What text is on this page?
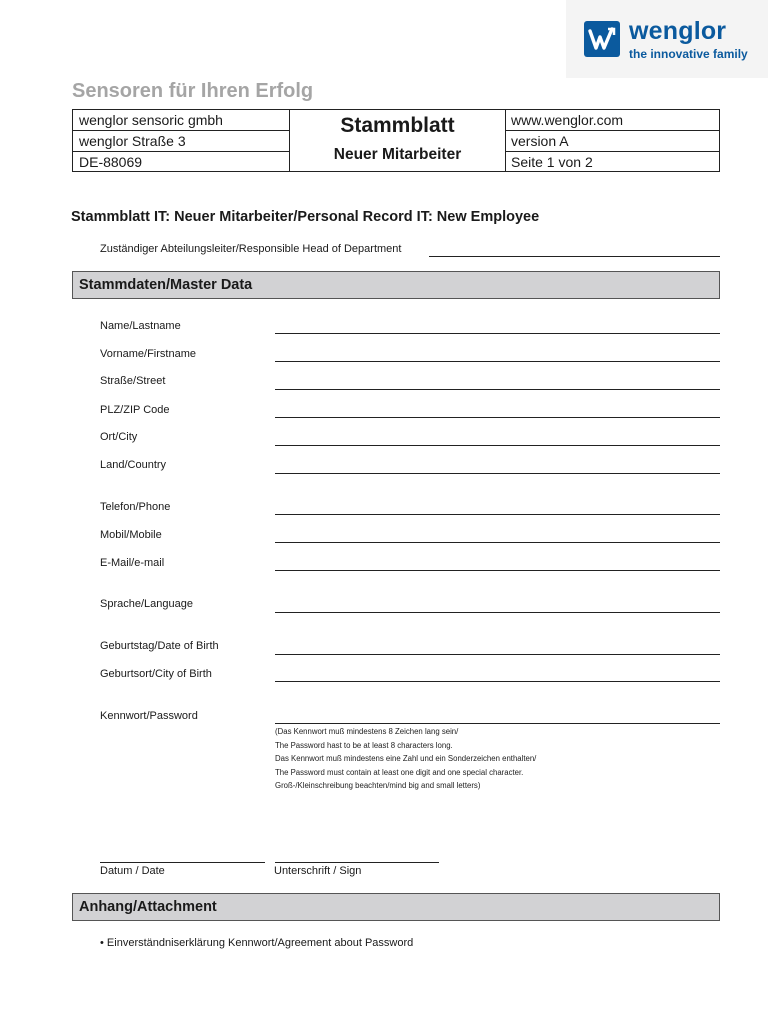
wenglor
the innovative family
Sensoren für Ihren Erfolg
wenglor sensoric gmbh
wenglor Straße 3
DE-88069
Stammblatt
Neuer Mitarbeiter
www.wenglor.com
version A
Seite 1 von 2
Stammblatt IT: Neuer Mitarbeiter/Personal Record IT: New Employee
Zuständiger Abteilungsleiter/Responsible Head of Department
Stammdaten/Master Data
Name/Lastname
Vorname/Firstname
Straße/Street
PLZ/ZIP Code
Ort/City
Land/Country
Telefon/Phone
Mobil/Mobile
E-Mail/e-mail
Sprache/Language
Geburtstag/Date of Birth
Geburtsort/City of Birth
Kennwort/Password
(Das Kennwort muß mindestens 8 Zeichen lang sein/
The Password hast to be at least 8 characters long.
Das Kennwort muß mindestens eine Zahl und ein Sonderzeichen enthalten/
The Password must contain at least one digit and one special character.
Groß-/Kleinschreibung beachten/mind big and small letters)
Datum / Date	Unterschrift / Sign
Anhang/Attachment
• Einverständniserklärung Kennwort/Agreement about Password
